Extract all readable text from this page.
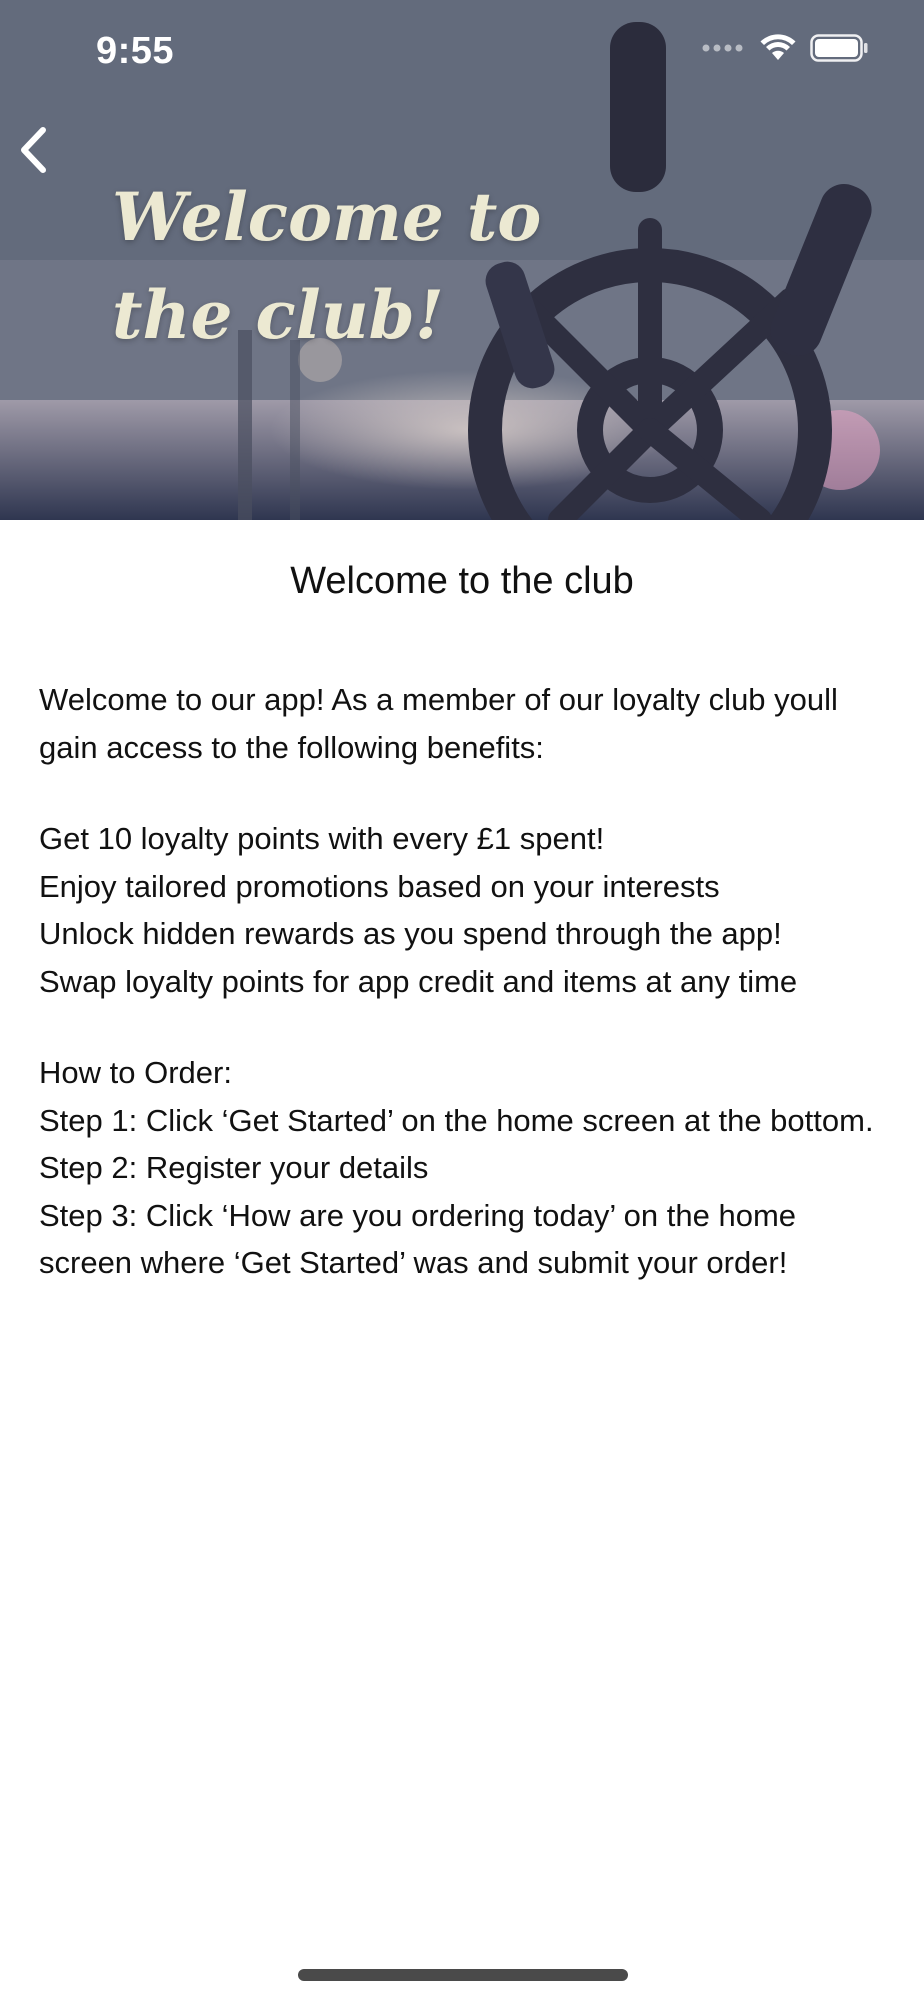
9:55
Welcome to
the club!
Welcome to the club

Welcome to our app! As a member of our loyalty club youll gain access to the following benefits:

Get 10 loyalty points with every £1 spent!

Enjoy tailored promotions based on your interests

Unlock hidden rewards as you spend through the app!

Swap loyalty points for app credit and items at any time

How to Order:

Step 1: Click ‘Get Started’ on the home screen at the bottom.

Step 2: Register your details

Step 3: Click ‘How are you ordering today’ on the home screen where ‘Get Started’ was and submit your order!
